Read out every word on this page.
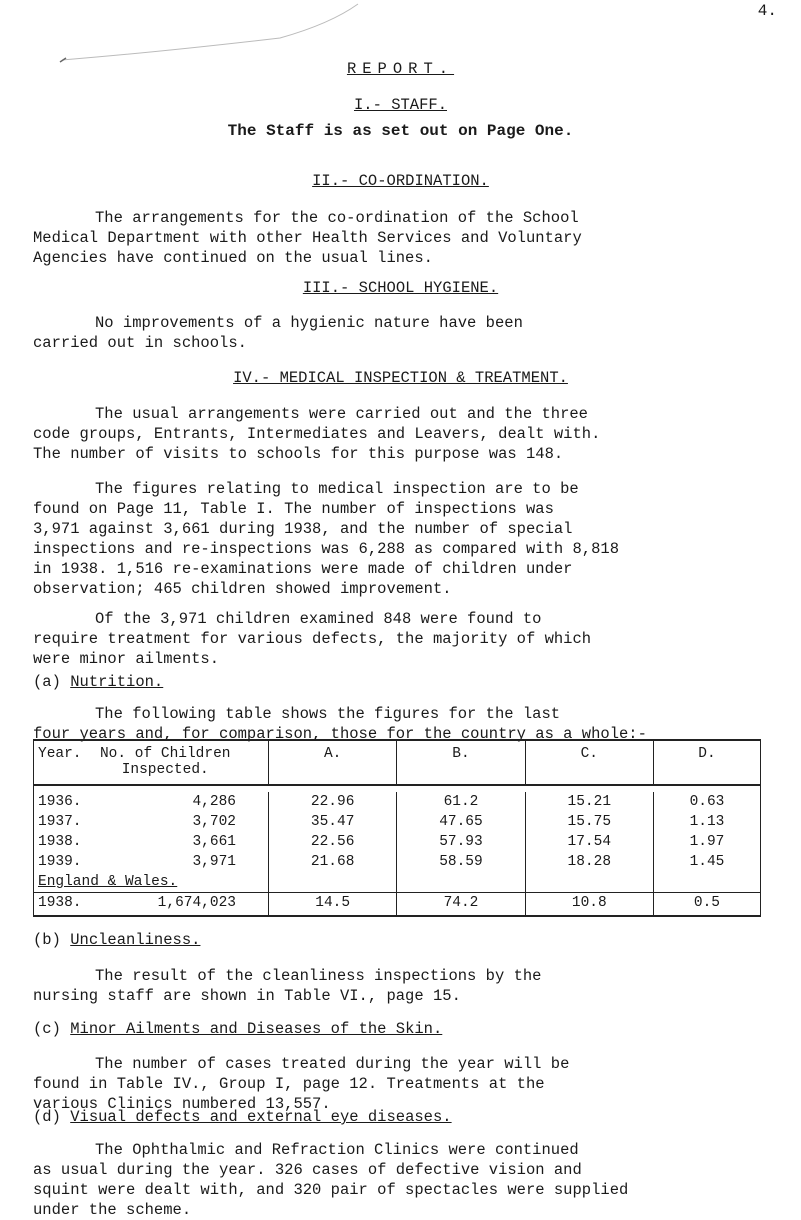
4.
REPORT.
I.- STAFF.
The Staff is as set out on Page One.
II.- CO-ORDINATION.
The arrangements for the co-ordination of the School
Medical Department with other Health Services and Voluntary
Agencies have continued on the usual lines.
III.- SCHOOL HYGIENE.
No improvements of a hygienic nature have been
carried out in schools.
IV.- MEDICAL INSPECTION & TREATMENT.
The usual arrangements were carried out and the three
code groups, Entrants, Intermediates and Leavers, dealt with.
The number of visits to schools for this purpose was 148.
The figures relating to medical inspection are to be
found on Page 11, Table I. The number of inspections was
3,971 against 3,661 during 1938, and the number of special
inspections and re-inspections was 6,288 as compared with 8,818
in 1938. 1,516 re-examinations were made of children under
observation; 465 children showed improvement.
Of the 3,971 children examined 848 were found to
require treatment for various defects, the majority of which
were minor ailments.
(a) Nutrition.
The following table shows the figures for the last
four years and, for comparison, those for the country as a whole:-
Year. No. of Children Inspected.	A.	B.	C.	D.

1936. 4,286	22.96	61.2	15.21	0.63
1937. 3,702	35.47	47.65	15.75	1.13
1938. 3,661	22.56	57.93	17.54	1.97
1939. 3,971	21.68	58.59	18.28	1.45
England & Wales.				
1938. 1,674,023	14.5	74.2	10.8	0.5
(b) Uncleanliness.
The result of the cleanliness inspections by the
nursing staff are shown in Table VI., page 15.
(c) Minor Ailments and Diseases of the Skin.
The number of cases treated during the year will be
found in Table IV., Group I, page 12. Treatments at the
various Clinics numbered 13,557.
(d) Visual defects and external eye diseases.
The Ophthalmic and Refraction Clinics were continued
as usual during the year. 326 cases of defective vision and
squint were dealt with, and 320 pair of spectacles were supplied
under the scheme.
